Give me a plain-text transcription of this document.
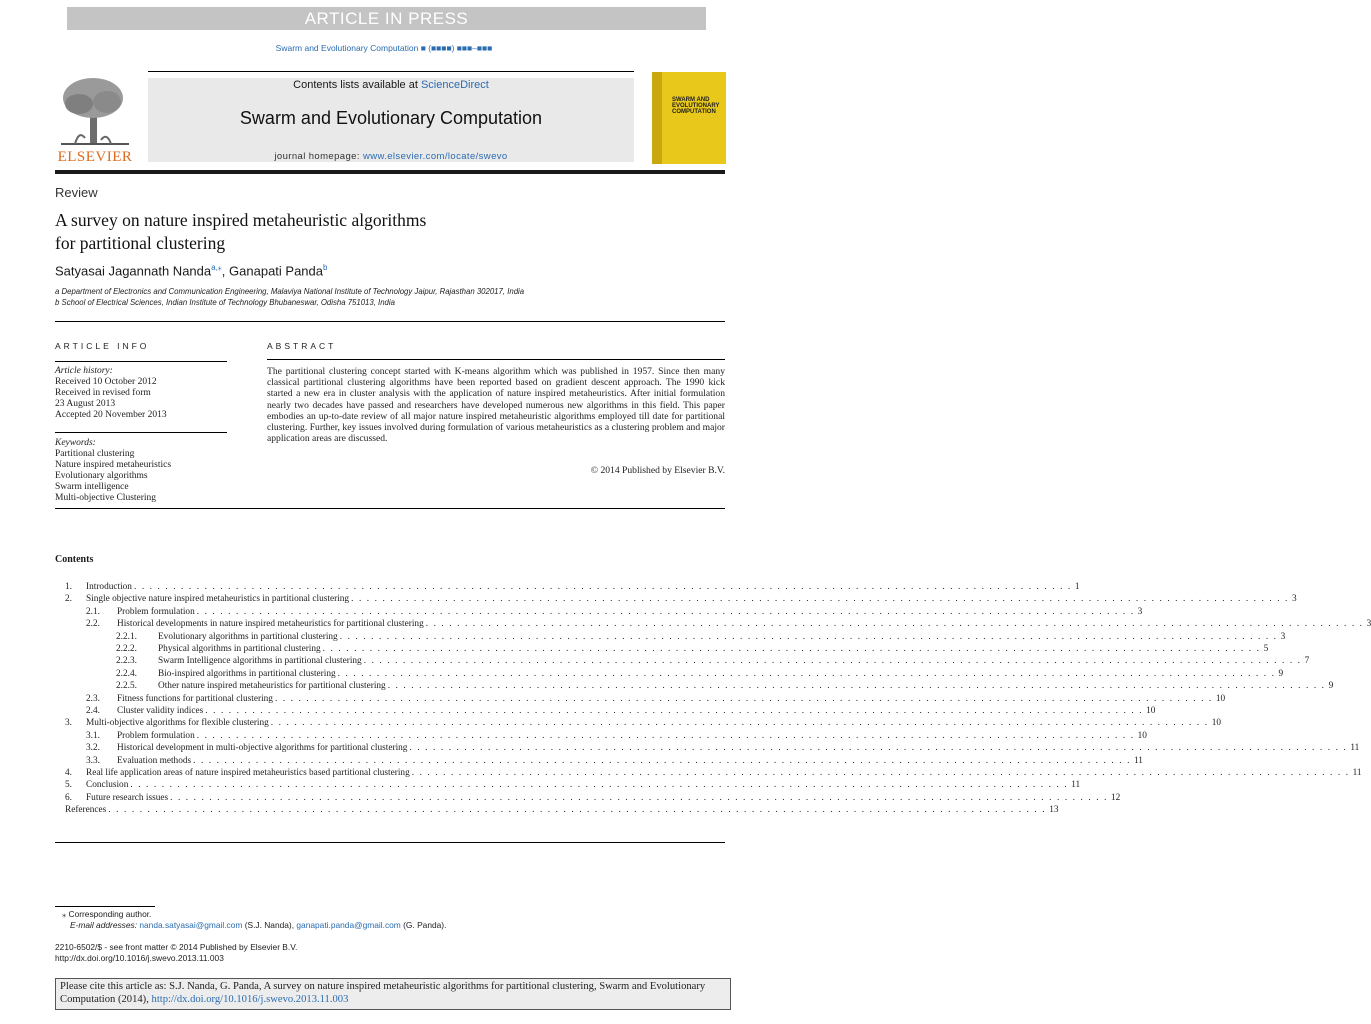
ARTICLE IN PRESS
Swarm and Evolutionary Computation ■ (■■■■) ■■■–■■■
ELSEVIER
Contents lists available at ScienceDirect
Swarm and Evolutionary Computation
journal homepage: www.elsevier.com/locate/swevo
SWARM AND EVOLUTIONARY COMPUTATION
Review
A survey on nature inspired metaheuristic algorithms
for partitional clustering
Satyasai Jagannath Nanda$^{a,⁎}$, Ganapati Panda$^b$
a Department of Electronics and Communication Engineering, Malaviya National Institute of Technology Jaipur, Rajasthan 302017, India
b School of Electrical Sciences, Indian Institute of Technology Bhubaneswar, Odisha 751013, India
ARTICLE INFO
Article history:
Received 10 October 2012
Received in revised form
23 August 2013
Accepted 20 November 2013
Keywords:
Partitional clustering
Nature inspired metaheuristics
Evolutionary algorithms
Swarm intelligence
Multi-objective Clustering
ABSTRACT
The partitional clustering concept started with K-means algorithm which was published in 1957. Since then many classical partitional clustering algorithms have been reported based on gradient descent approach. The 1990 kick started a new era in cluster analysis with the application of nature inspired metaheuristics. After initial formulation nearly two decades have passed and researchers have developed numerous new algorithms in this field. This paper embodies an up-to-date review of all major nature inspired metaheuristic algorithms employed till date for partitional clustering. Further, key issues involved during formulation of various metaheuristics as a clustering problem and major application areas are discussed.
© 2014 Published by Elsevier B.V.
Contents
1. Introduction . . . . . . . . . . . . . . . . . . . . . . . . . . . . . . . . . . . . . . . . . . . . . . . . . . . . . . . . . . . . . . . . . . . . . . . . . . . . . . . . . . . . . . . . . . . . . . . . . . . . . . . . . . . . . . . . . . . . . . . . 1
2. Single objective nature inspired metaheuristics in partitional clustering . . . . . . . . . . . . . . . . . . . . . . . . . . . . . . . . . . . . . . . . . . . . . . . . . . . . . . . . . . . . . . . . . . . . . . . . . . . . . . . . . . . . . . . . . . . . . . . . . . . . . . . . . . . . . . . . . . . . . . . . 3
2.1. Problem formulation . . . . . . . . . . . . . . . . . . . . . . . . . . . . . . . . . . . . . . . . . . . . . . . . . . . . . . . . . . . . . . . . . . . . . . . . . . . . . . . . . . . . . . . . . . . . . . . . . . . . . . . . . . . . . . . . . . . . . . . . 3
2.2. Historical developments in nature inspired metaheuristics for partitional clustering . . . . . . . . . . . . . . . . . . . . . . . . . . . . . . . . . . . . . . . . . . . . . . . . . . . . . . . . . . . . . . . . . . . . . . . . . . . . . . . . . . . . . . . . . . . . . . . . . . . . . . . . . . . . . . . . . . . . . . . . 3
2.2.1. Evolutionary algorithms in partitional clustering . . . . . . . . . . . . . . . . . . . . . . . . . . . . . . . . . . . . . . . . . . . . . . . . . . . . . . . . . . . . . . . . . . . . . . . . . . . . . . . . . . . . . . . . . . . . . . . . . . . . . . . . . . . . . . . . . . . . . . . . 3
2.2.2. Physical algorithms in partitional clustering . . . . . . . . . . . . . . . . . . . . . . . . . . . . . . . . . . . . . . . . . . . . . . . . . . . . . . . . . . . . . . . . . . . . . . . . . . . . . . . . . . . . . . . . . . . . . . . . . . . . . . . . . . . . . . . . . . . . . . . . 5
2.2.3. Swarm Intelligence algorithms in partitional clustering . . . . . . . . . . . . . . . . . . . . . . . . . . . . . . . . . . . . . . . . . . . . . . . . . . . . . . . . . . . . . . . . . . . . . . . . . . . . . . . . . . . . . . . . . . . . . . . . . . . . . . . . . . . . . . . . . . . . . . . . 7
2.2.4. Bio-inspired algorithms in partitional clustering . . . . . . . . . . . . . . . . . . . . . . . . . . . . . . . . . . . . . . . . . . . . . . . . . . . . . . . . . . . . . . . . . . . . . . . . . . . . . . . . . . . . . . . . . . . . . . . . . . . . . . . . . . . . . . . . . . . . . . . . 9
2.2.5. Other nature inspired metaheuristics for partitional clustering . . . . . . . . . . . . . . . . . . . . . . . . . . . . . . . . . . . . . . . . . . . . . . . . . . . . . . . . . . . . . . . . . . . . . . . . . . . . . . . . . . . . . . . . . . . . . . . . . . . . . . . . . . . . . . . . . . . . . . . . 9
2.3. Fitness functions for partitional clustering . . . . . . . . . . . . . . . . . . . . . . . . . . . . . . . . . . . . . . . . . . . . . . . . . . . . . . . . . . . . . . . . . . . . . . . . . . . . . . . . . . . . . . . . . . . . . . . . . . . . . . . . . . . . . . . . . . . . . . . . 10
2.4. Cluster validity indices . . . . . . . . . . . . . . . . . . . . . . . . . . . . . . . . . . . . . . . . . . . . . . . . . . . . . . . . . . . . . . . . . . . . . . . . . . . . . . . . . . . . . . . . . . . . . . . . . . . . . . . . . . . . . . . . . . . . . . . . 10
3. Multi-objective algorithms for flexible clustering . . . . . . . . . . . . . . . . . . . . . . . . . . . . . . . . . . . . . . . . . . . . . . . . . . . . . . . . . . . . . . . . . . . . . . . . . . . . . . . . . . . . . . . . . . . . . . . . . . . . . . . . . . . . . . . . . . . . . . . . 10
3.1. Problem formulation . . . . . . . . . . . . . . . . . . . . . . . . . . . . . . . . . . . . . . . . . . . . . . . . . . . . . . . . . . . . . . . . . . . . . . . . . . . . . . . . . . . . . . . . . . . . . . . . . . . . . . . . . . . . . . . . . . . . . . . . 10
3.2. Historical development in multi-objective algorithms for partitional clustering . . . . . . . . . . . . . . . . . . . . . . . . . . . . . . . . . . . . . . . . . . . . . . . . . . . . . . . . . . . . . . . . . . . . . . . . . . . . . . . . . . . . . . . . . . . . . . . . . . . . . . . . . . . . . . . . . . . . . . . . 11
3.3. Evaluation methods . . . . . . . . . . . . . . . . . . . . . . . . . . . . . . . . . . . . . . . . . . . . . . . . . . . . . . . . . . . . . . . . . . . . . . . . . . . . . . . . . . . . . . . . . . . . . . . . . . . . . . . . . . . . . . . . . . . . . . . . 11
4. Real life application areas of nature inspired metaheuristics based partitional clustering . . . . . . . . . . . . . . . . . . . . . . . . . . . . . . . . . . . . . . . . . . . . . . . . . . . . . . . . . . . . . . . . . . . . . . . . . . . . . . . . . . . . . . . . . . . . . . . . . . . . . . . . . . . . . . . . . . . . . . . . 11
5. Conclusion . . . . . . . . . . . . . . . . . . . . . . . . . . . . . . . . . . . . . . . . . . . . . . . . . . . . . . . . . . . . . . . . . . . . . . . . . . . . . . . . . . . . . . . . . . . . . . . . . . . . . . . . . . . . . . . . . . . . . . . . 11
6. Future research issues . . . . . . . . . . . . . . . . . . . . . . . . . . . . . . . . . . . . . . . . . . . . . . . . . . . . . . . . . . . . . . . . . . . . . . . . . . . . . . . . . . . . . . . . . . . . . . . . . . . . . . . . . . . . . . . . . . . . . . . . 12
References . . . . . . . . . . . . . . . . . . . . . . . . . . . . . . . . . . . . . . . . . . . . . . . . . . . . . . . . . . . . . . . . . . . . . . . . . . . . . . . . . . . . . . . . . . . . . . . . . . . . . . . . . . . . . . . . . . . . . . . . 13
⁎ Corresponding author.
E-mail addresses: nanda.satyasai@gmail.com (S.J. Nanda), ganapati.panda@gmail.com (G. Panda).
2210-6502/$ - see front matter © 2014 Published by Elsevier B.V.
http://dx.doi.org/10.1016/j.swevo.2013.11.003
Please cite this article as: S.J. Nanda, G. Panda, A survey on nature inspired metaheuristic algorithms for partitional clustering, Swarm and Evolutionary Computation (2014), http://dx.doi.org/10.1016/j.swevo.2013.11.003
